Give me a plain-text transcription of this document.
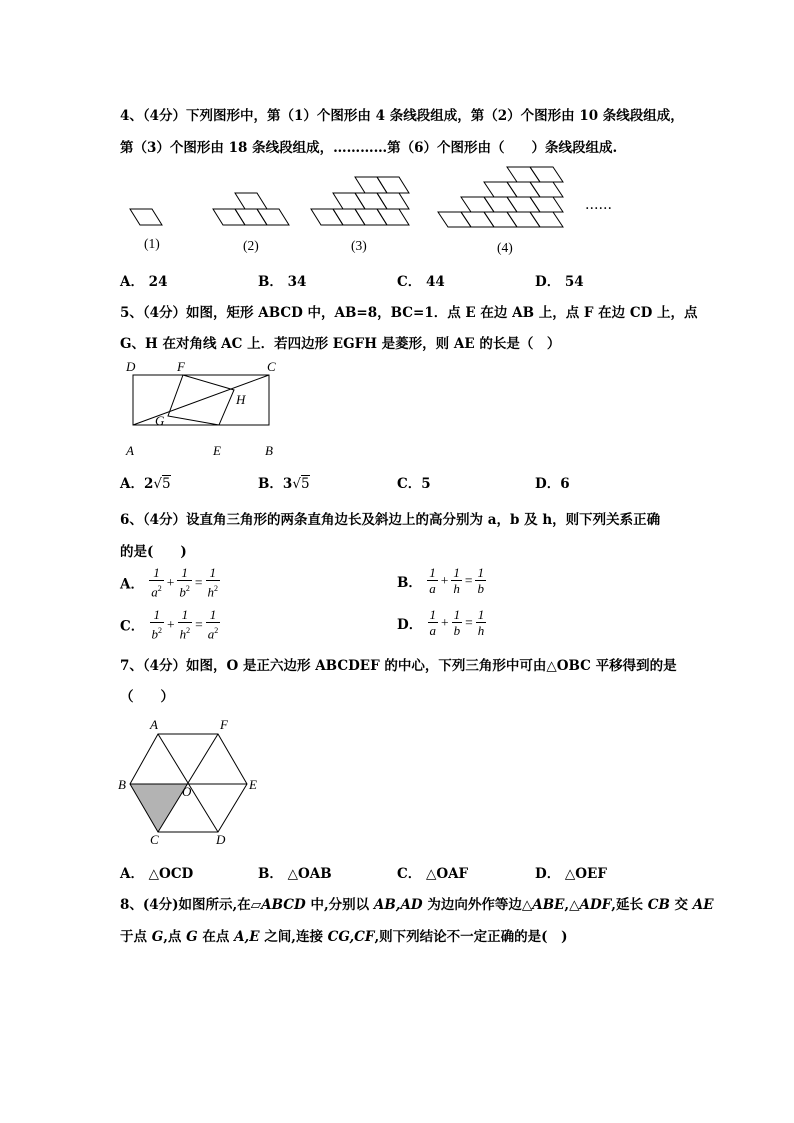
4、（4分）下列图形中，第（1）个图形由 4 条线段组成，第（2）个图形由 10 条线段组成，
第（3）个图形由 18 条线段组成，…………第（6）个图形由（　　）条线段组成.
(1)	(2)	(3)	(4)
……
A． 24	B． 34	C． 44	D． 54
5、（4分）如图，矩形 ABCD 中，AB=8，BC=1．点 E 在边 AB 上，点 F 在边 CD 上，点
G、H 在对角线 AC 上．若四边形 EGFH 是菱形，则 AE 的长是（　）
D	F	C
H
G
A	E	B
A．2√5	B．3√5	C．5	D．6
6、（4分）设直角三角形的两条直角边长及斜边上的高分别为 a，b 及 h，则下列关系正确
的是(　　)
A． $\frac{1}{a^2} + \frac{1}{b^2} = \frac{1}{h^2}$	B． $\frac{1}{a} + \frac{1}{h} = \frac{1}{b}$
C． $\frac{1}{b^2} + \frac{1}{h^2} = \frac{1}{a^2}$	D． $\frac{1}{a} + \frac{1}{b} = \frac{1}{h}$
7、（4分）如图，O 是正六边形 ABCDEF 的中心，下列三角形中可由△OBC 平移得到的是
（　　）
A	F
B	O	E
C	D
A． △OCD	B． △OAB	C． △OAF	D． △OEF
8、(4分)如图所示,在▱ABCD 中,分别以 AB,AD 为边向外作等边△ABE,△ADF,延长 CB 交 AE
于点 G,点 G 在点 A,E 之间,连接 CG,CF,则下列结论不一定正确的是(　)
